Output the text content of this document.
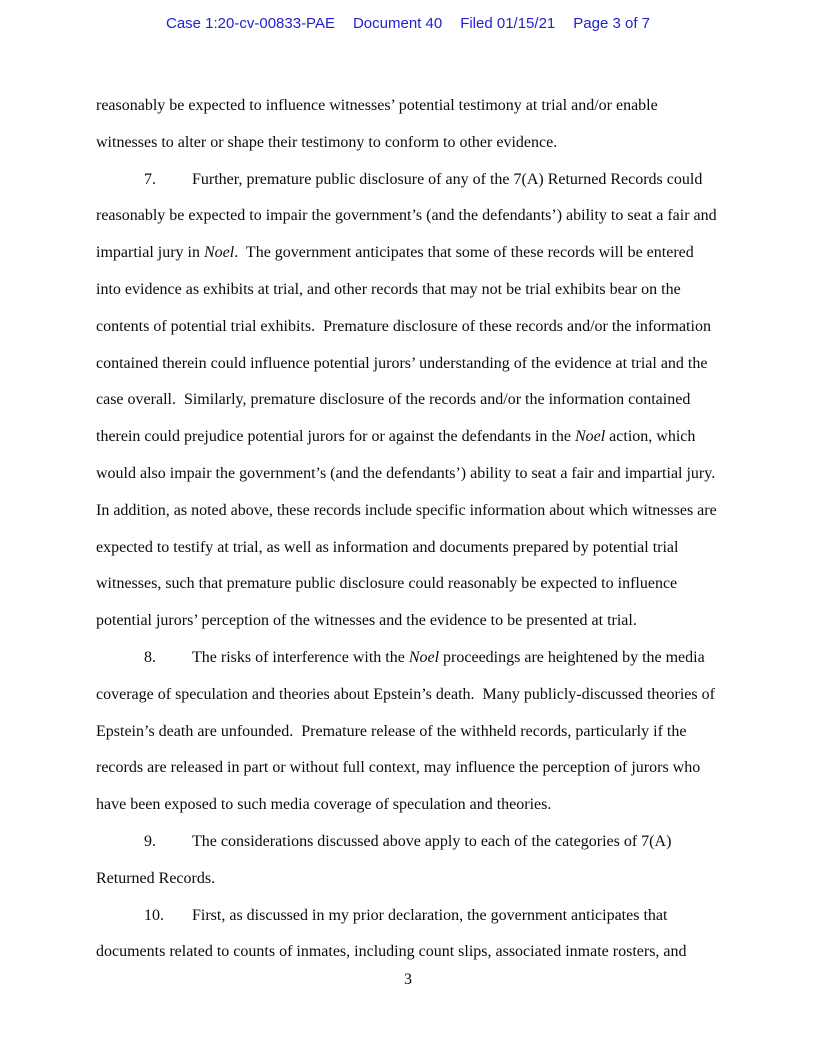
Case 1:20-cv-00833-PAE Document 40 Filed 01/15/21 Page 3 of 7

reasonably be expected to influence witnesses’ potential testimony at trial and/or enable witnesses to alter or shape their testimony to conform to other evidence.

7. Further, premature public disclosure of any of the 7(A) Returned Records could reasonably be expected to impair the government’s (and the defendants’) ability to seat a fair and impartial jury in Noel.  The government anticipates that some of these records will be entered into evidence as exhibits at trial, and other records that may not be trial exhibits bear on the contents of potential trial exhibits.  Premature disclosure of these records and/or the information contained therein could influence potential jurors’ understanding of the evidence at trial and the case overall.  Similarly, premature disclosure of the records and/or the information contained therein could prejudice potential jurors for or against the defendants in the Noel action, which would also impair the government’s (and the defendants’) ability to seat a fair and impartial jury.  In addition, as noted above, these records include specific information about which witnesses are expected to testify at trial, as well as information and documents prepared by potential trial witnesses, such that premature public disclosure could reasonably be expected to influence potential jurors’ perception of the witnesses and the evidence to be presented at trial.

8. The risks of interference with the Noel proceedings are heightened by the media coverage of speculation and theories about Epstein’s death.  Many publicly-discussed theories of Epstein’s death are unfounded.  Premature release of the withheld records, particularly if the records are released in part or without full context, may influence the perception of jurors who have been exposed to such media coverage of speculation and theories.

9. The considerations discussed above apply to each of the categories of 7(A) Returned Records.

10. First, as discussed in my prior declaration, the government anticipates that documents related to counts of inmates, including count slips, associated inmate rosters, and

3
